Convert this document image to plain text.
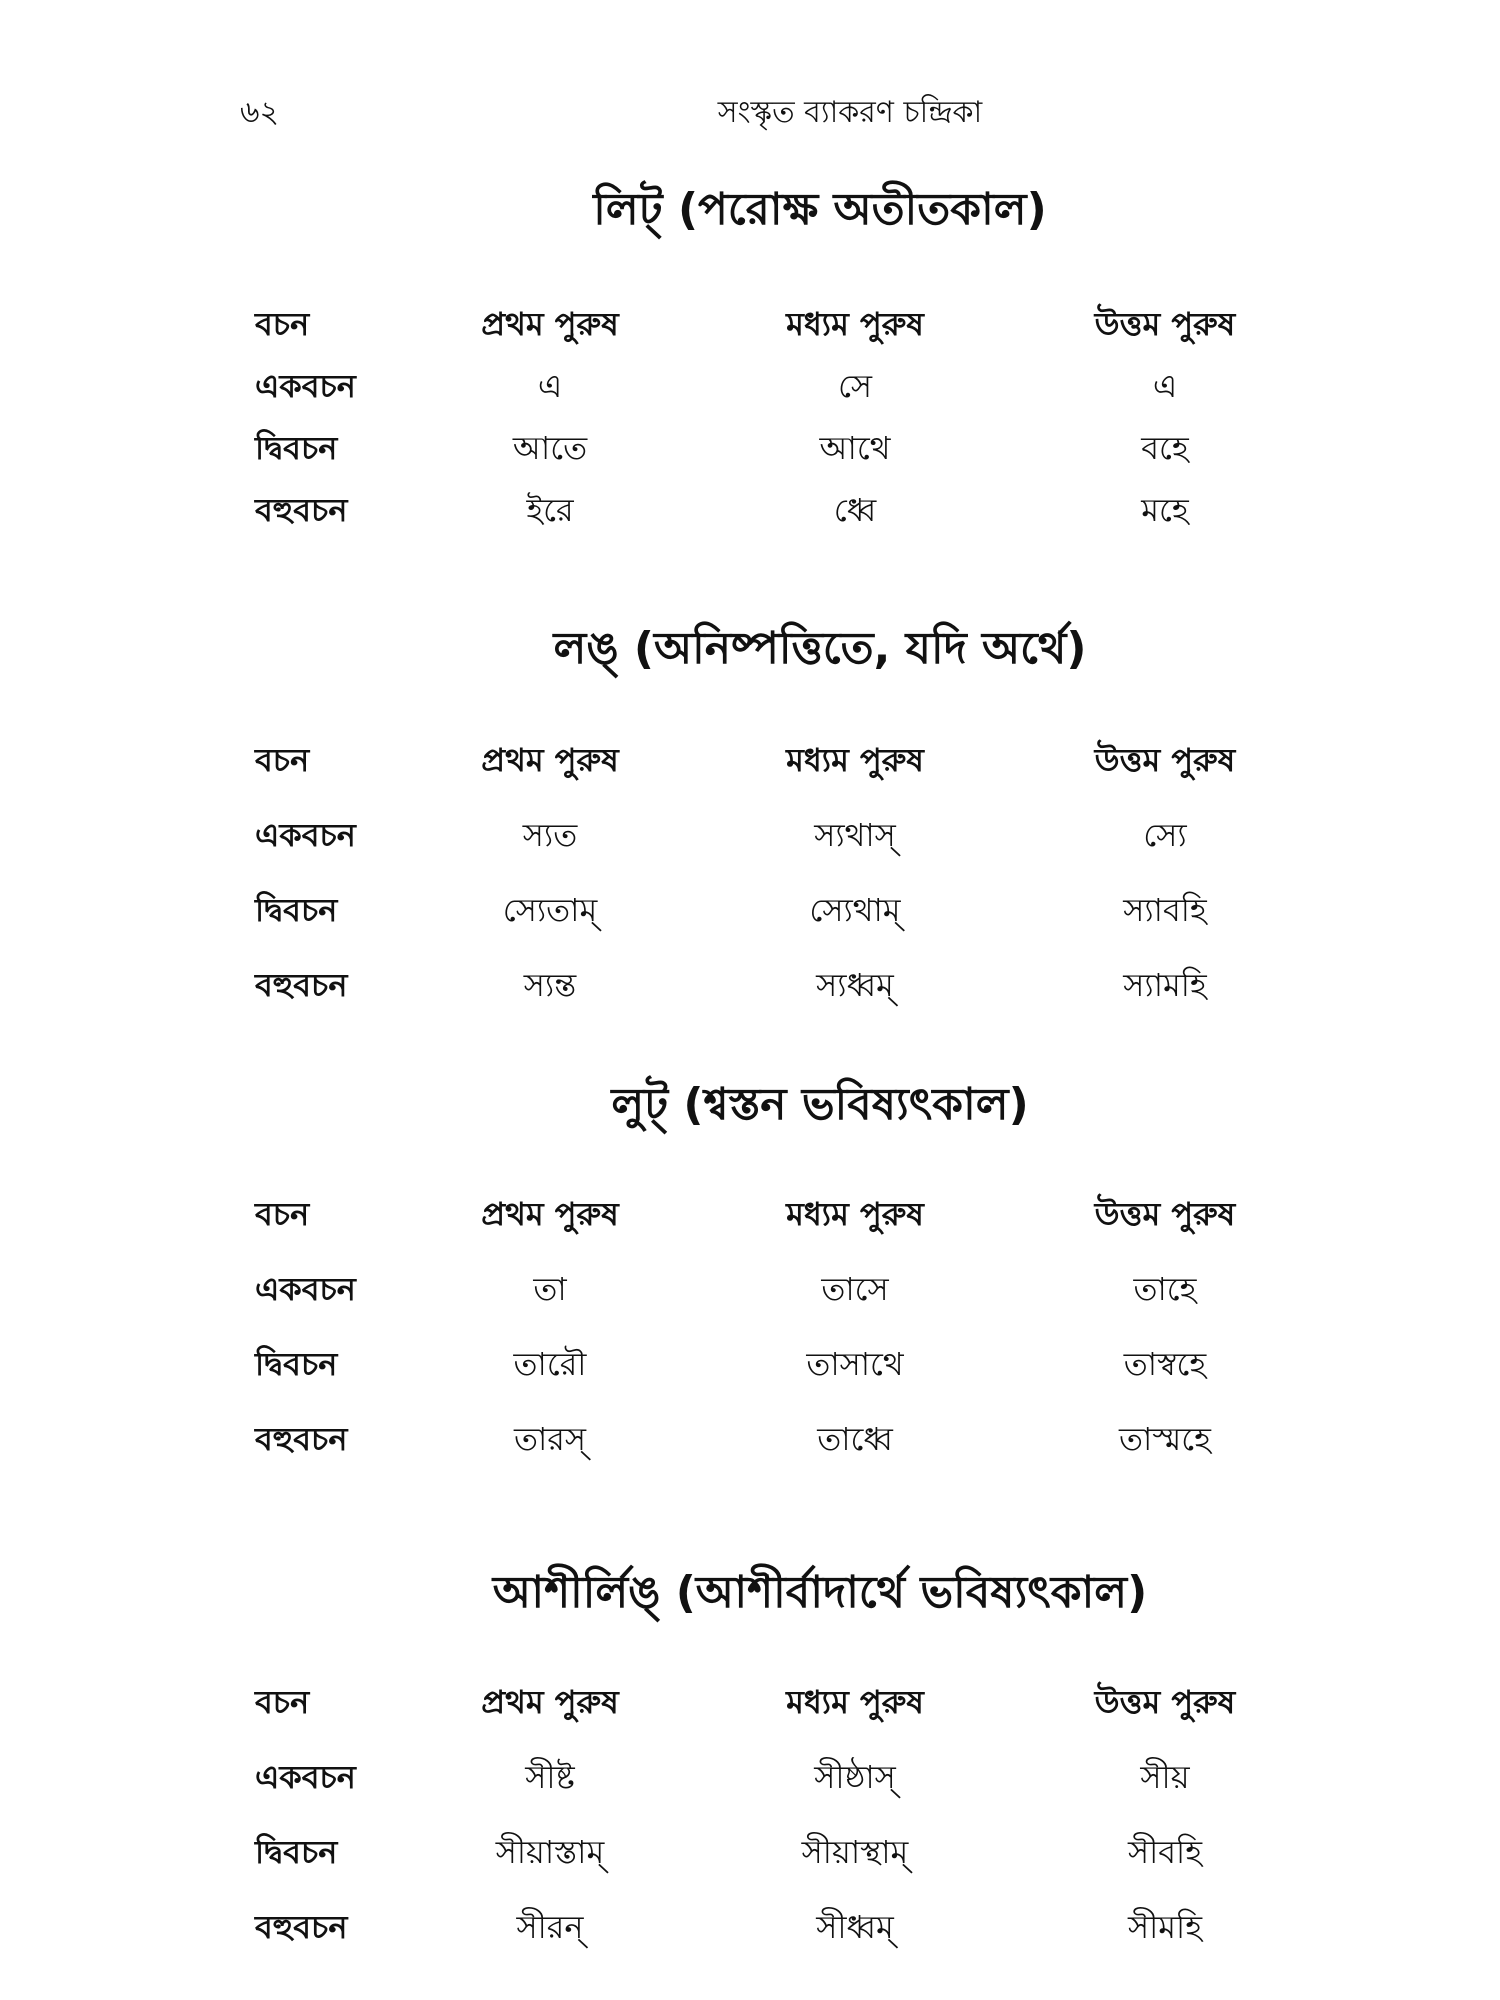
৬২	সংস্কৃত ব্যাকরণ চন্দ্রিকা
লিট্ (পরোক্ষ অতীতকাল)
বচন	প্রথম পুরুষ	মধ্যম পুরুষ	উত্তম পুরুষ
একবচন	এ	সে	এ
দ্বিবচন	আতে	আথে	বহে
বহুবচন	ইরে	ধ্বে	মহে
লঙ্ (অনিষ্পত্তিতে, যদি অর্থে)
বচন	প্রথম পুরুষ	মধ্যম পুরুষ	উত্তম পুরুষ
একবচন	স্যত	স্যথাস্	স্যে
দ্বিবচন	স্যেতাম্	স্যেথাম্	স্যাবহি
বহুবচন	স্যন্ত	স্যধ্বম্	স্যামহি
লুট্ (শ্বস্তন ভবিষ্যৎকাল)
বচন	প্রথম পুরুষ	মধ্যম পুরুষ	উত্তম পুরুষ
একবচন	তা	তাসে	তাহে
দ্বিবচন	তারৌ	তাসাথে	তাস্বহে
বহুবচন	তারস্	তাধ্বে	তাস্মহে
আশীর্লিঙ্ (আশীর্বাদার্থে ভবিষ্যৎকাল)
বচন	প্রথম পুরুষ	মধ্যম পুরুষ	উত্তম পুরুষ
একবচন	সীষ্ট	সীষ্ঠাস্	সীয়
দ্বিবচন	সীয়াস্তাম্	সীয়াস্থাম্	সীবহি
বহুবচন	সীরন্	সীধ্বম্	সীমহি
